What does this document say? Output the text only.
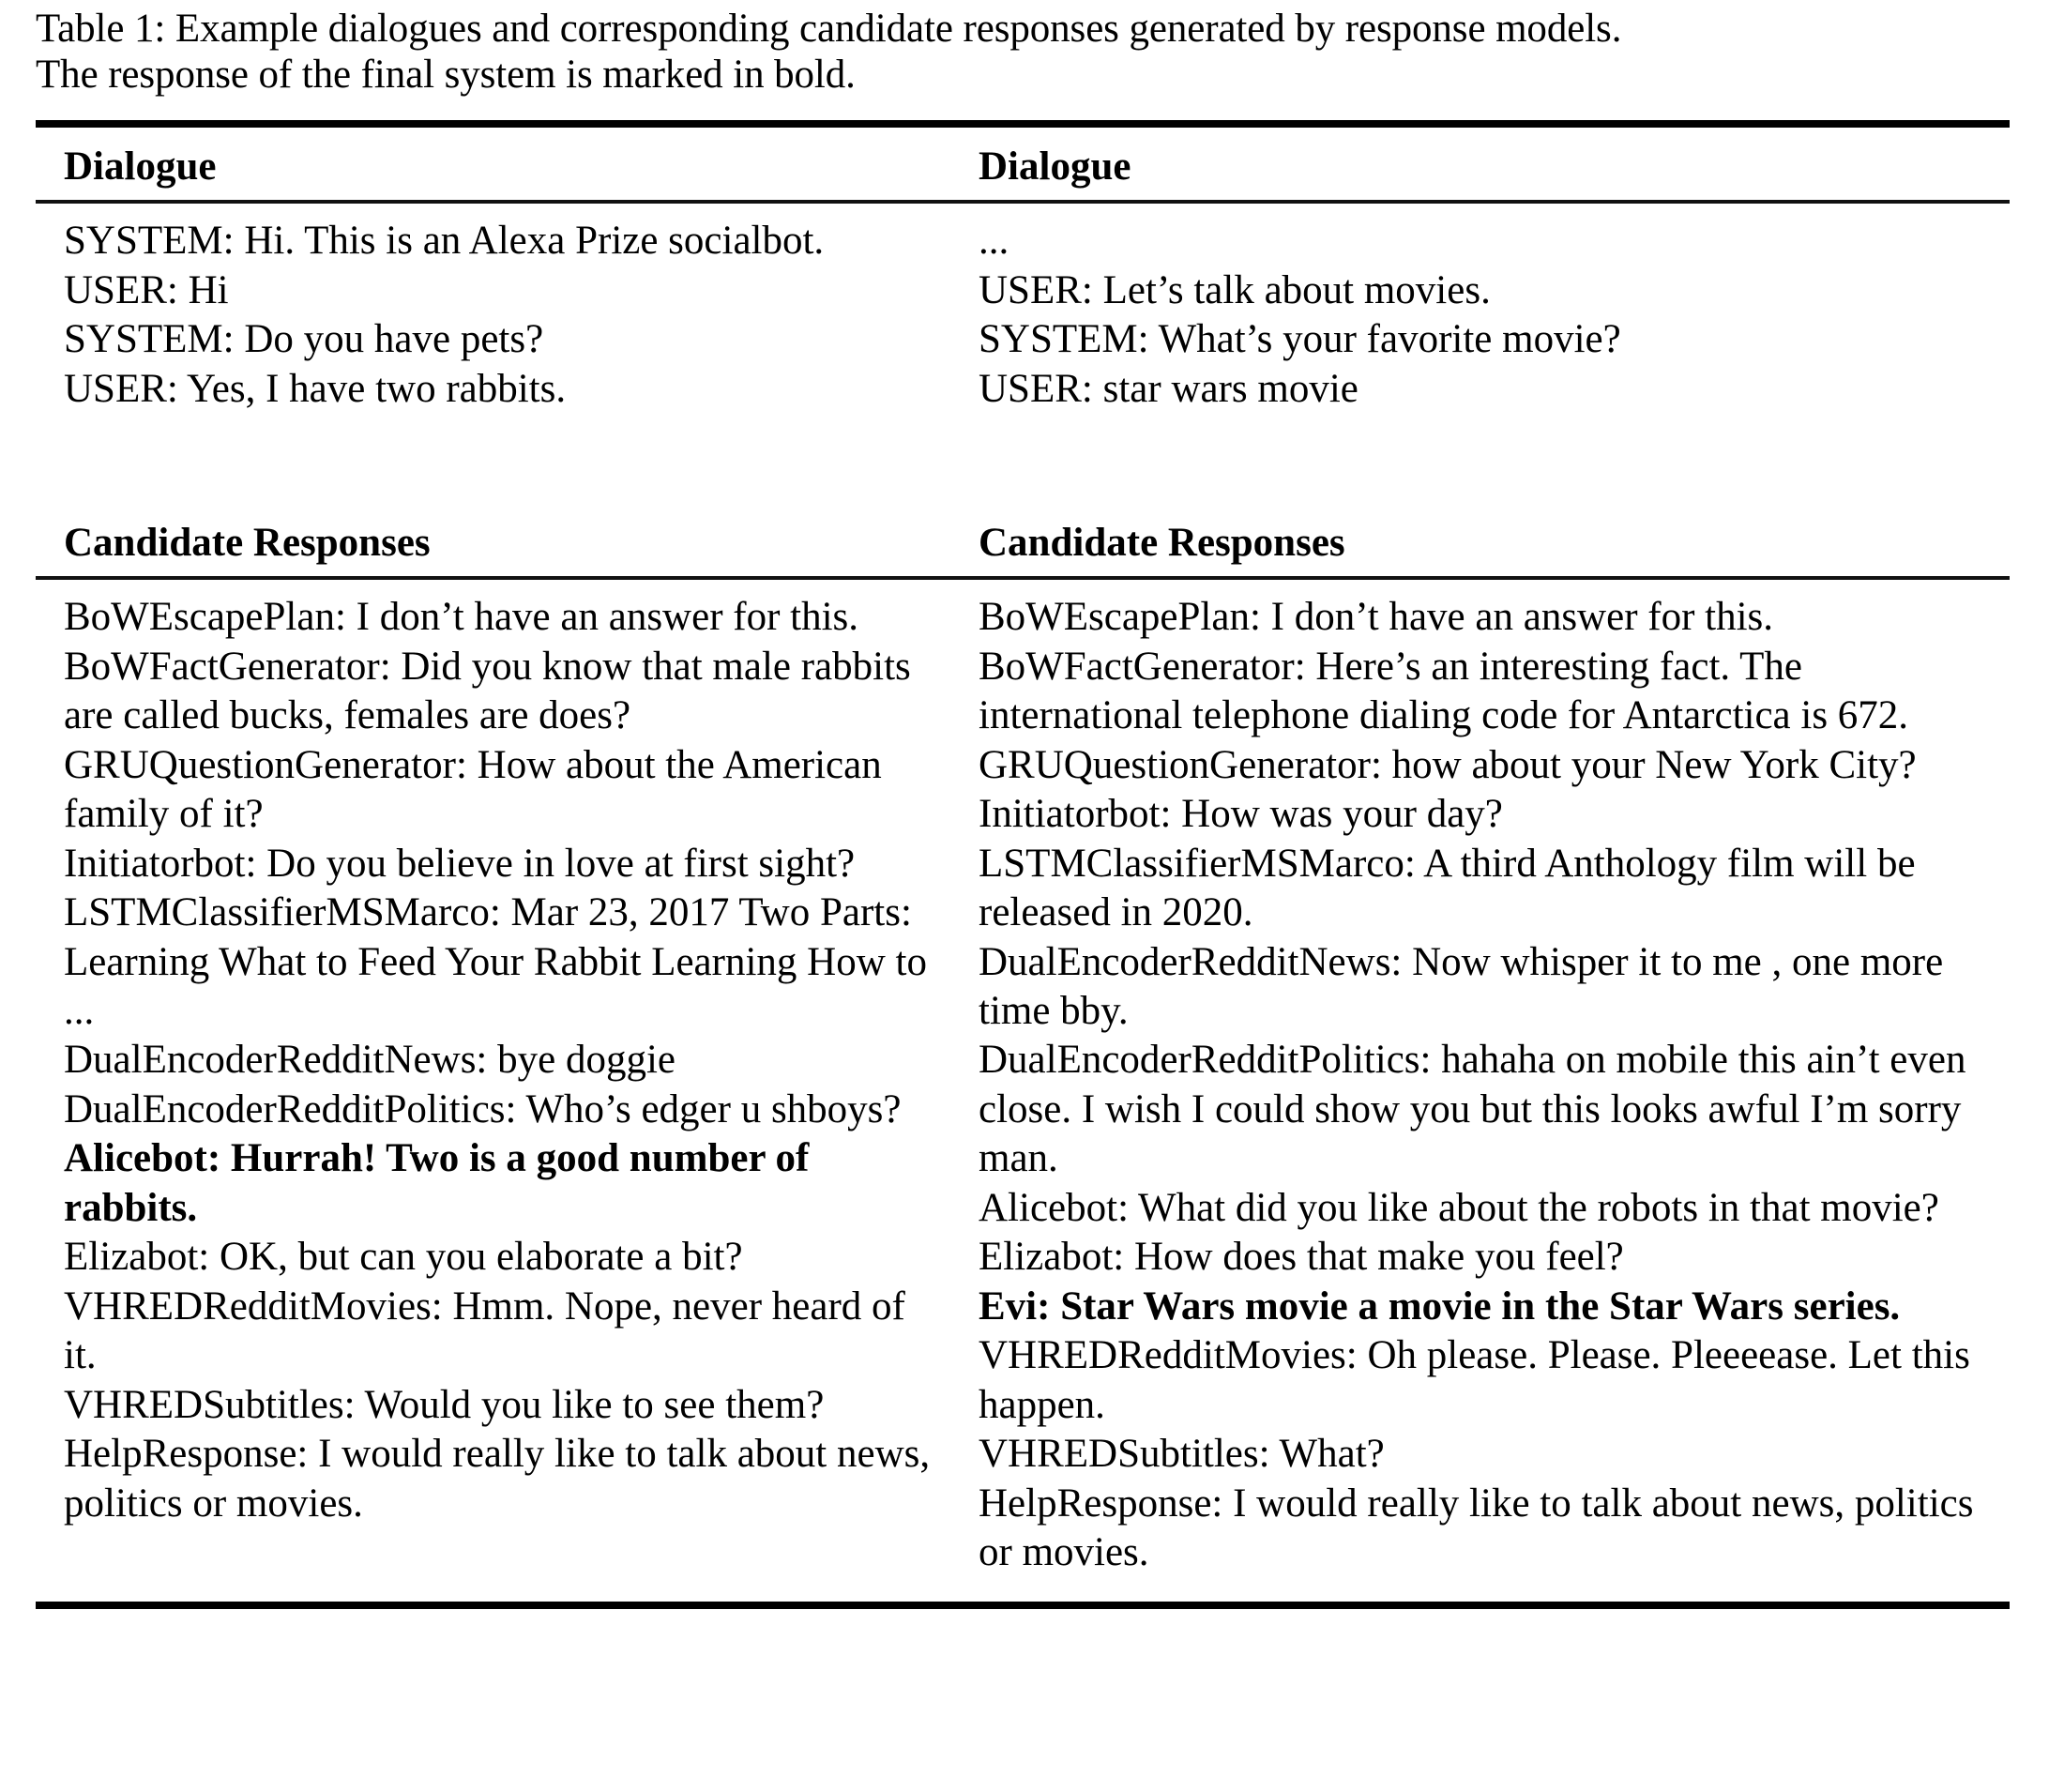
Table 1: Example dialogues and corresponding candidate responses generated by response models.
The response of the final system is marked in bold.
Dialogue	Dialogue
SYSTEM: Hi. This is an Alexa Prize socialbot.
USER: Hi
SYSTEM: Do you have pets?
USER: Yes, I have two rabbits.
...
USER: Let’s talk about movies.
SYSTEM: What’s your favorite movie?
USER: star wars movie
Candidate Responses	Candidate Responses
BoWEscapePlan: I don’t have an answer for this.
BoWFactGenerator: Did you know that male rabbits are called bucks, females are does?
GRUQuestionGenerator: How about the American family of it?
Initiatorbot: Do you believe in love at first sight?
LSTMClassifierMSMarco: Mar 23, 2017 Two Parts: Learning What to Feed Your Rabbit Learning How to ...
DualEncoderRedditNews: bye doggie
DualEncoderRedditPolitics: Who’s edger u shboys?
Alicebot: Hurrah! Two is a good number of rabbits.
Elizabot: OK, but can you elaborate a bit?
VHREDRedditMovies: Hmm. Nope, never heard of it.
VHREDSubtitles: Would you like to see them?
HelpResponse: I would really like to talk about news, politics or movies.
BoWEscapePlan: I don’t have an answer for this.
BoWFactGenerator: Here’s an interesting fact. The international telephone dialing code for Antarctica is 672.
GRUQuestionGenerator: how about your New York City?
Initiatorbot: How was your day?
LSTMClassifierMSMarco: A third Anthology film will be released in 2020.
DualEncoderRedditNews: Now whisper it to me , one more time bby.
DualEncoderRedditPolitics: hahaha on mobile this ain’t even close. I wish I could show you but this looks awful I’m sorry man.
Alicebot: What did you like about the robots in that movie?
Elizabot: How does that make you feel?
Evi: Star Wars movie a movie in the Star Wars series.
VHREDRedditMovies: Oh please. Please. Pleeeease. Let this happen.
VHREDSubtitles: What?
HelpResponse: I would really like to talk about news, politics or movies.
